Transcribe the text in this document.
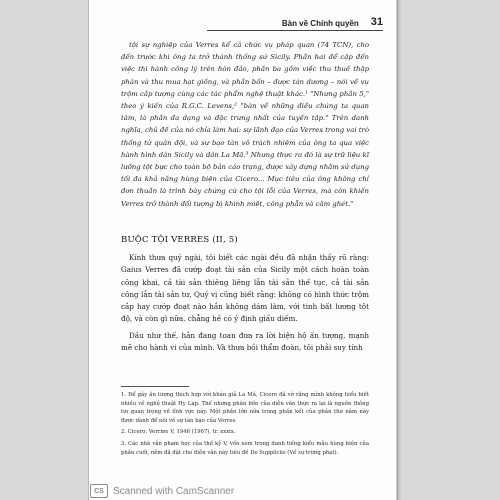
Bàn về Chính quyền 31

tội sự nghiệp của Verres kể cả chức vụ pháp quan (74 TCN), cho đến trước khi ông ta trở thành thống sứ Sicily. Phần hai để cập đến việc thi hành công lý trên hòn đảo, phần ba gồm việc thu thuế thập phân và thu mua hạt giống, và phần bốn – được tán dương – nói về vụ trộm cắp tượng cùng các tác phẩm nghệ thuật khác.¹ "Nhưng phần 5," theo ý kiến của R.G.C. Levens,² "bàn về những điều chúng ta quan tâm, là phần đa dạng và đặc trưng nhất của tuyến tập." Trên danh nghĩa, chủ đề của nó chỉa làm hai: sự lãnh đạo của Verres trong vai trò thống tử quân đội, và sự bạo tàn vô trách nhiệm của ông ta qua việc hành hình dân Sicily và dân La Mã.³ Nhưng thực ra đó là sự trữ liệu kĩ lưỡng tột bực cho toàn bộ bản cáo trạng, được xây dựng nhằm sử dụng tối đa khả năng hùng biện của Cicero... Mục tiêu của ông không chỉ đơn thuần là trình bày chứng cứ cho tội lỗi của Verres, mà còn khiến Verres trở thành đối tượng bị khinh miệt, công phẫn và căm ghét."

BUỘC TỘI VERRES (II, 5)

Kính thưa quý ngài, tôi biết các ngài đều đã nhận thấy rõ ràng: Gaius Verres đã cướp đoạt tài sản của Sicily một cách hoàn toàn công khai, cả tài sản thiêng liêng lẫn tài sản thế tục, cả tài sản công lẫn tài sản tư. Quý vị cũng biết rằng: không có hình thức trộm cắp hay cướp đoạt nào hắn không dám làm, với tinh bất lương tột độ, và còn gì nữa, chẳng hề có ý định giấu diếm.

Dầu như thế, hắn đang toan đưa ra lời biện hộ ấn tượng, mạnh mẽ cho hành vi của mình. Và thưa bồi thẩm đoàn, tôi phải suy tính

1. Để gây ấn tượng thích hợp với khán giả La Mã, Cicero đã vờ rằng mình không hiểu biết nhiều về nghệ thuật Hy Lạp. Thế nhưng phần bốn của diễn văn thực ra lại là nguồn thông tin quan trọng về lĩnh vực này. Một phần lớn nữa trong phần kết của phần thư năm này được dành để nói về sự tàn bạo của Verres.

2. Cicero: Verrine V, 1946 (1967), tr. xxxix.

3. Các nhà văn phạm học của thế kỷ V, vốn xem trọng danh tiếng kiểu mẫu hùng biện của phần cuối, nêm đã đặt cho diễn văn này tiêu đề De Suppliciis (Về sự trừng phạt).

CS Scanned with CamScanner
